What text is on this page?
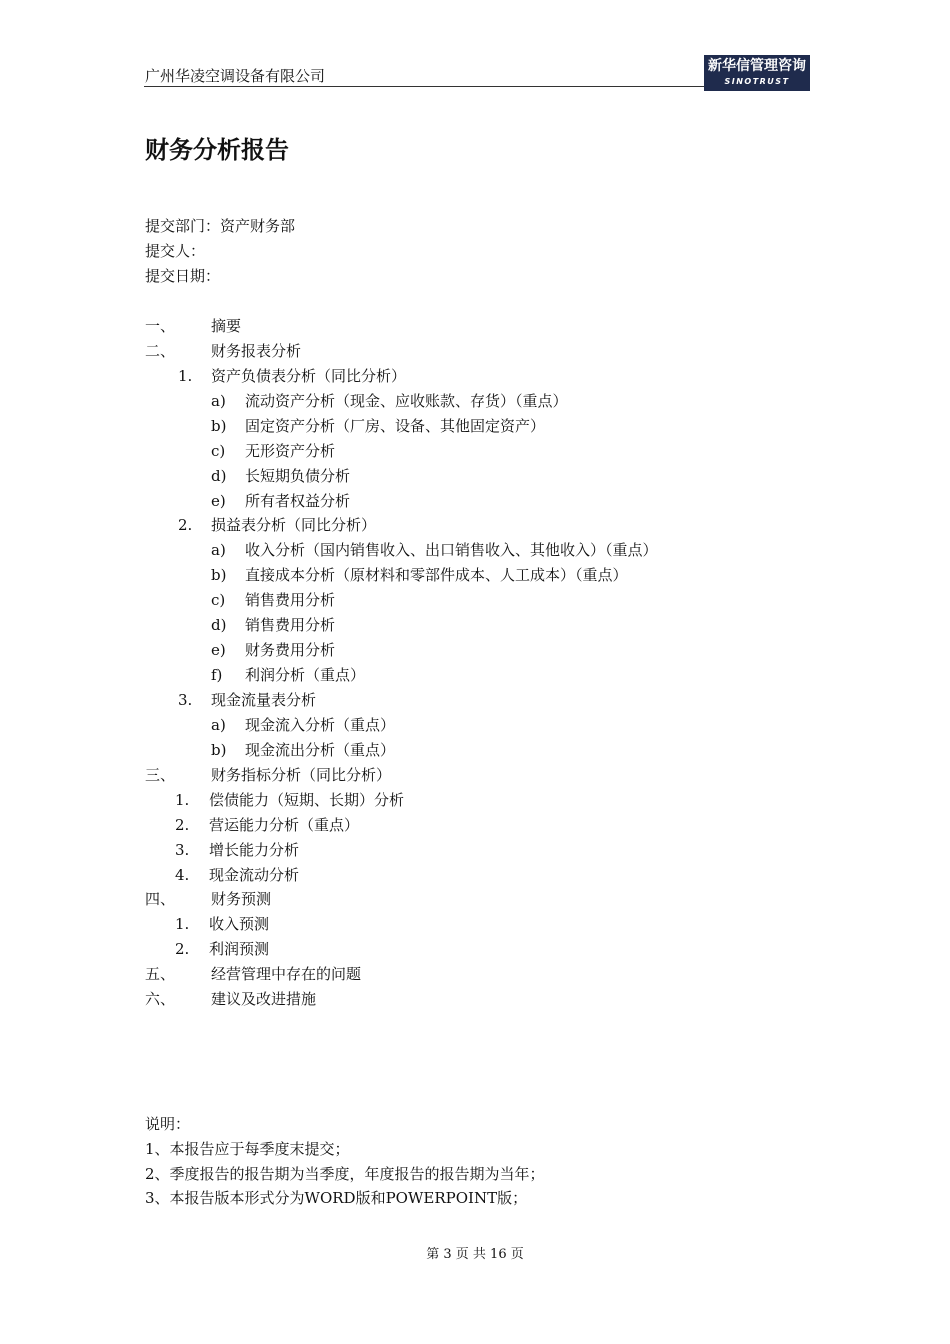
广州华凌空调设备有限公司
新华信管理咨询
SINOTRUST
财务分析报告
提交部门：资产财务部
提交人：
提交日期：
一、 摘要
二、 财务报表分析
1. 资产负债表分析（同比分析）
a) 流动资产分析（现金、应收账款、存货）（重点）
b) 固定资产分析（厂房、设备、其他固定资产）
c) 无形资产分析
d) 长短期负债分析
e) 所有者权益分析
2. 损益表分析（同比分析）
a) 收入分析（国内销售收入、出口销售收入、其他收入）（重点）
b) 直接成本分析（原材料和零部件成本、人工成本）（重点）
c) 销售费用分析
d) 销售费用分析
e) 财务费用分析
f) 利润分析（重点）
3. 现金流量表分析
a) 现金流入分析（重点）
b) 现金流出分析（重点）
三、 财务指标分析（同比分析）
1. 偿债能力（短期、长期）分析
2. 营运能力分析（重点）
3. 增长能力分析
4. 现金流动分析
四、 财务预测
1. 收入预测
2. 利润预测
五、 经营管理中存在的问题
六、 建议及改进措施
说明：
1、本报告应于每季度末提交；
2、季度报告的报告期为当季度，年度报告的报告期为当年；
3、本报告版本形式分为WORD版和POWERPOINT版；
第 3 页 共 16 页
